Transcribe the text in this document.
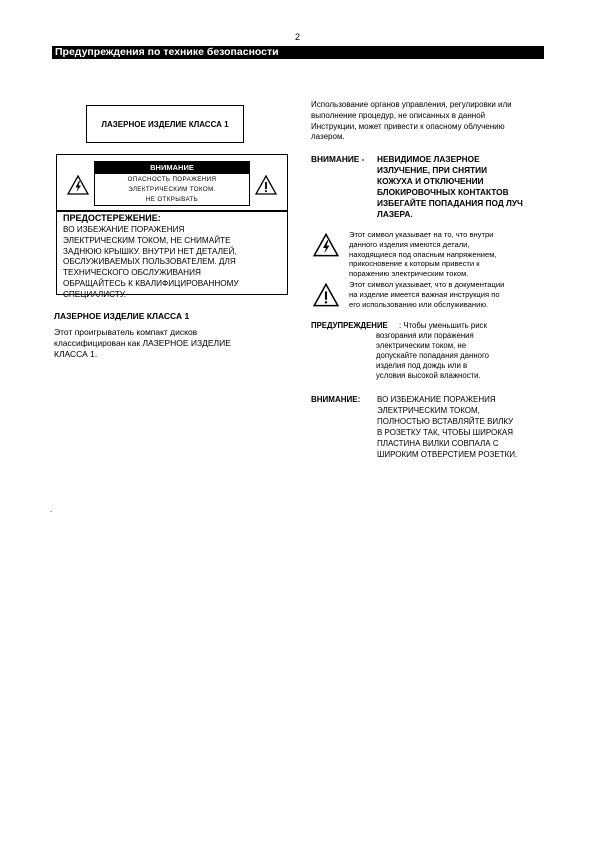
2
Предупреждения по технике безопасности
ЛАЗЕРНОЕ ИЗДЕЛИЕ КЛАССА 1
ВНИМАНИЕ
ОПАСНОСТЬ ПОРАЖЕНИЯ
ЭЛЕКТРИЧЕСКИМ ТОКОМ.
НЕ ОТКРЫВАТЬ
ПРЕДОСТЕРЕЖЕНИЕ:
ВО ИЗБЕЖАНИЕ ПОРАЖЕНИЯ
ЭЛЕКТРИЧЕСКИМ ТОКОМ, НЕ СНИМАЙТЕ
ЗАДНЮЮ КРЫШКУ. ВНУТРИ НЕТ ДЕТАЛЕЙ,
ОБСЛУЖИВАЕМЫХ ПОЛЬЗОВАТЕЛЕМ. ДЛЯ
ТЕХНИЧЕСКОГО ОБСЛУЖИВАНИЯ
ОБРАЩАЙТЕСЬ К КВАЛИФИЦИРОВАННОМУ
СПЕЦИАЛИСТУ.
ЛАЗЕРНОЕ ИЗДЕЛИЕ КЛАССА 1
Этот проигрыватель компакт дисков
классифицирован как ЛАЗЕРНОЕ ИЗДЕЛИЕ
КЛАССА 1.
.
Использование органов управления, регулировки или
выполнение процедур, не описанных в данной
Инструкции, может привести к опасному облучению
лазером.
ВНИМАНИЕ - НЕВИДИМОЕ ЛАЗЕРНОЕ
ИЗЛУЧЕНИЕ, ПРИ СНЯТИИ
КОЖУХА И ОТКЛЮЧЕНИИ
БЛОКИРОВОЧНЫХ КОНТАКТОВ
ИЗБЕГАЙТЕ ПОПАДАНИЯ ПОД ЛУЧ
ЛАЗЕРА.
Этот символ указывает на то, что внутри
данного изделия имеются детали,
находящиеся под опасным напряжением,
прикосновение к которым привести к
поражению электрическим током.
Этот символ указывает, что в документации
на изделие имеется важная инструкция по
его использованию или обслуживанию.
ПРЕДУПРЕЖДЕНИЕ : Чтобы уменьшить риск
возгорания или поражения
электрическим током, не
допускайте попадания данного
изделия под дождь или в
условия высокой влажности.
ВНИМАНИЕ: ВО ИЗБЕЖАНИЕ ПОРАЖЕНИЯ
ЭЛЕКТРИЧЕСКИМ ТОКОМ,
ПОЛНОСТЬЮ ВСТАВЛЯЙТЕ ВИЛКУ
В РОЗЕТКУ ТАК, ЧТОБЫ ШИРОКАЯ
ПЛАСТИНА ВИЛКИ СОВПАЛА С
ШИРОКИМ ОТВЕРСТИЕМ РОЗЕТКИ.
